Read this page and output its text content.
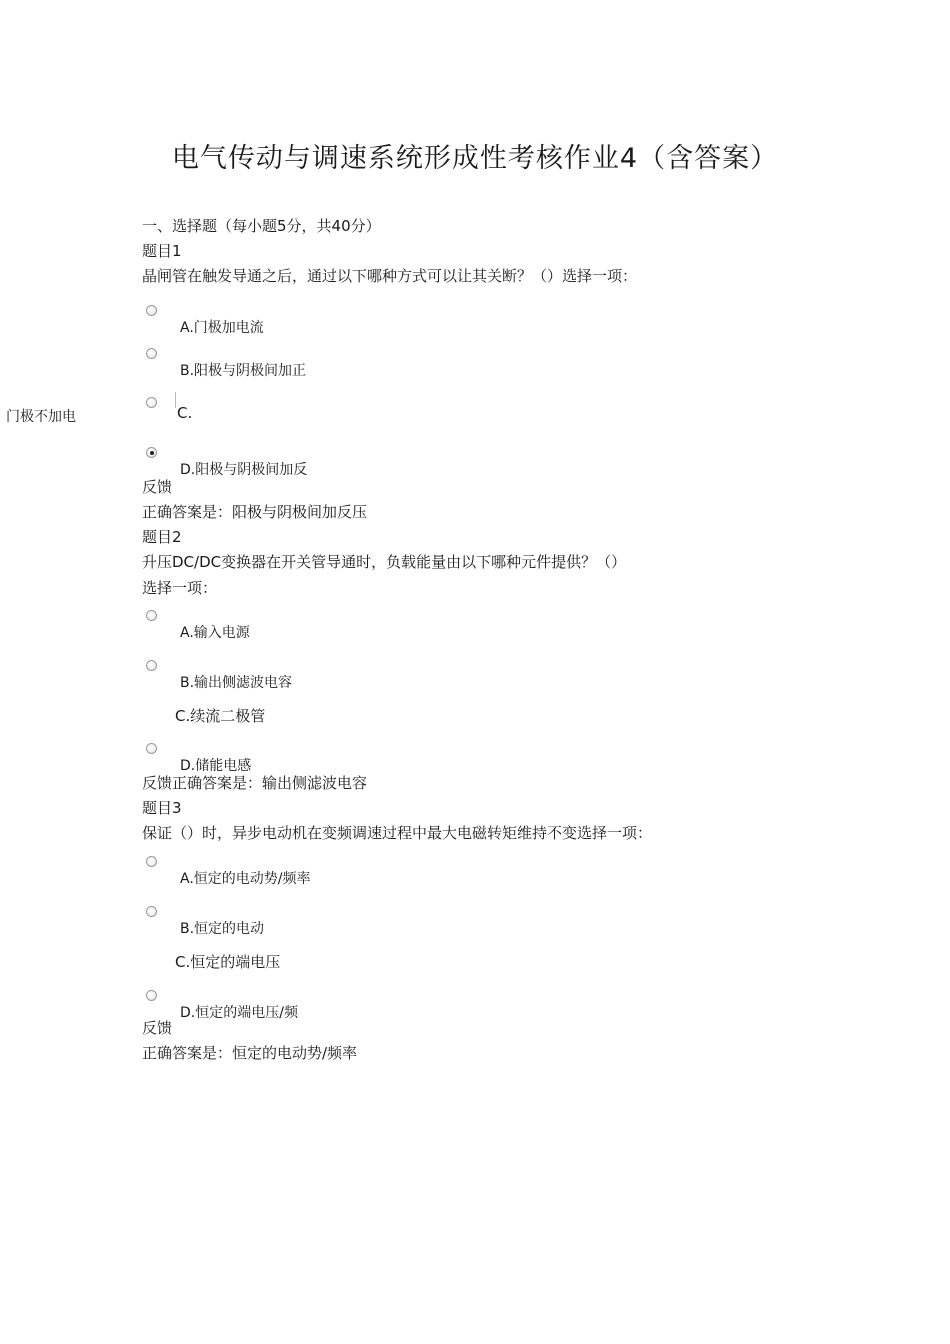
电气传动与调速系统形成性考核作业4（含答案）
一、选择题（每小题5分，共40分）
题目1
晶闸管在触发导通之后，通过以下哪种方式可以让其关断？（）选择一项：
A.门极加电流
B.阳极与阴极间加正
门极不加电	C.
D.阳极与阴极间加反
反馈
正确答案是：阳极与阴极间加反压
题目2
升压DC/DC变换器在开关管导通时，负载能量由以下哪种元件提供？（）
选择一项：
A.输入电源
B.输出侧滤波电容
C.续流二极管
D.储能电感
反馈正确答案是：输出侧滤波电容
题目3
保证（）时，异步电动机在变频调速过程中最大电磁转矩维持不变选择一项：
A.恒定的电动势/频率
B.恒定的电动
C.恒定的端电压
D.恒定的端电压/频
反馈
正确答案是：恒定的电动势/频率
